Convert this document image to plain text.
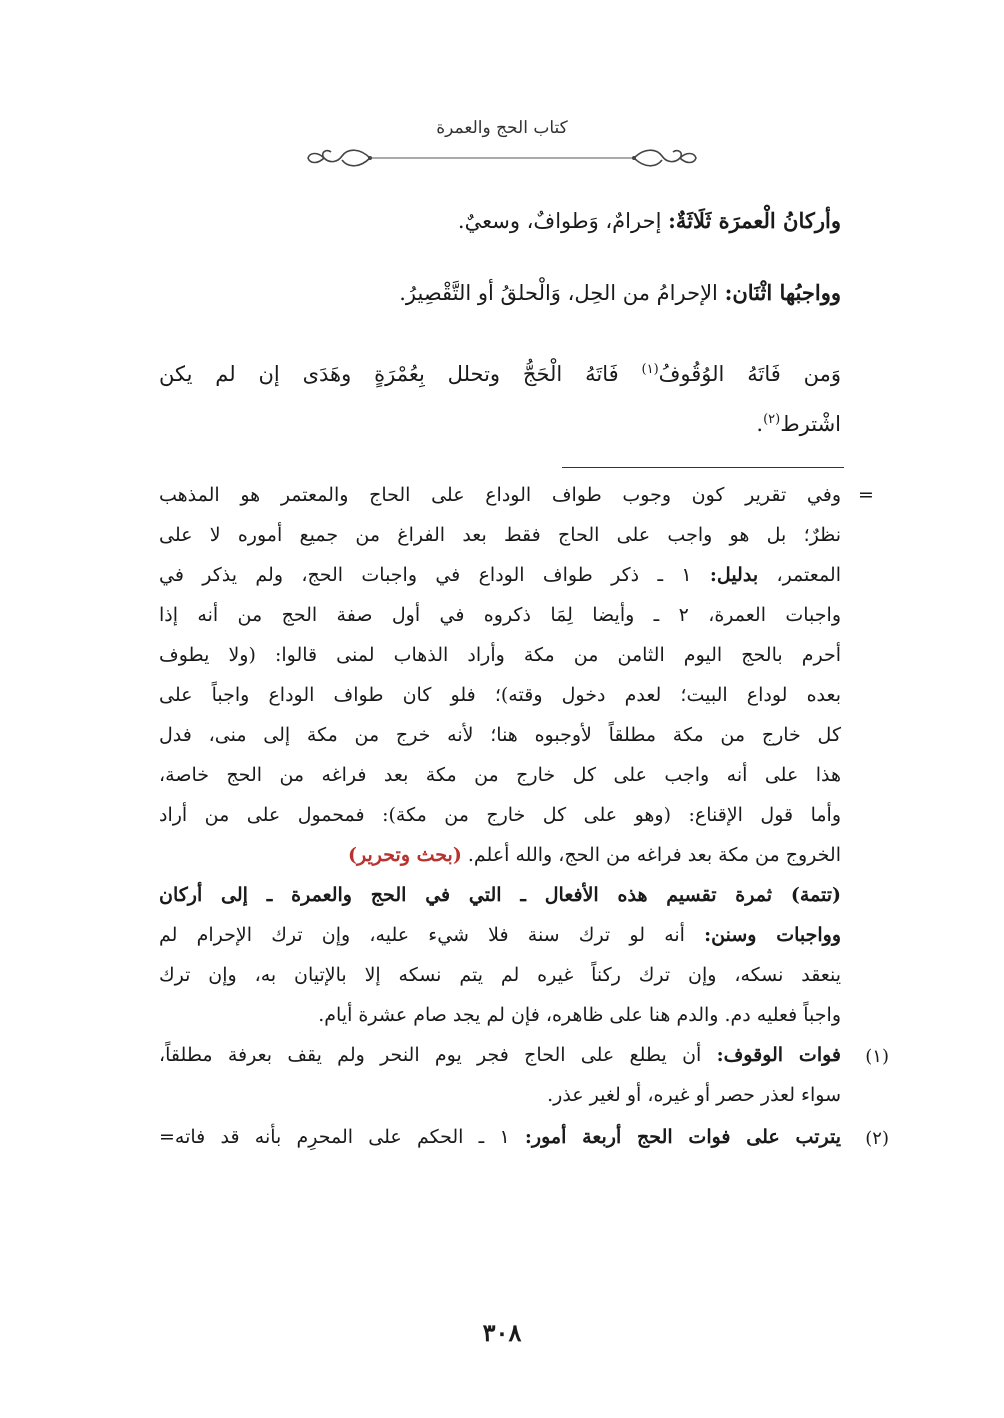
كتاب الحج والعمرة
وأركانُ الْعمرَة ثَلَاثَةٌ: إحرامٌ، وَطوافٌ، وسعيٌ.
وواجبُها اثْنَان: الإحرامُ من الحِل، وَالْحلقُ أو التَّقْصِيرُ.
وَمن فَاتَهُ الوُقُوفُ$^{(١)}$ فَاتَهُ الْحَجُّ وتحلل بِعُمْرَةٍ وهَدَى إن لم يكن
اشْترط$^{(٢)}$.
=
وفي تقرير كون وجوب طواف الوداع على الحاج والمعتمر هو المذهب
نظرٌ؛ بل هو واجب على الحاج فقط بعد الفراغ من جميع أموره لا على
المعتمر، بدليل: ١ ـ ذكر طواف الوداع في واجبات الحج، ولم يذكر في
واجبات العمرة، ٢ ـ وأيضا لِمَا ذكروه في أول صفة الحج من أنه إذا
أحرم بالحج اليوم الثامن من مكة وأراد الذهاب لمنى قالوا: (ولا يطوف
بعده لوداع البيت؛ لعدم دخول وقته)؛ فلو كان طواف الوداع واجباً على
كل خارج من مكة مطلقاً لأوجبوه هنا؛ لأنه خرج من مكة إلى منى، فدل
هذا على أنه واجب على كل خارج من مكة بعد فراغه من الحج خاصة،
وأما قول الإقناع: (وهو على كل خارج من مكة): فمحمول على من أراد
الخروج من مكة بعد فراغه من الحج، والله أعلم. (بحث وتحرير)
(تتمة) ثمرة تقسيم هذه الأفعال ـ التي في الحج والعمرة ـ إلى أركان
وواجبات وسنن: أنه لو ترك سنة فلا شيء عليه، وإن ترك الإحرام لم
ينعقد نسكه، وإن ترك ركناً غيره لم يتم نسكه إلا بالإتيان به، وإن ترك
واجباً فعليه دم. والدم هنا على ظاهره، فإن لم يجد صام عشرة أيام.
(١)
فوات الوقوف: أن يطلع على الحاج فجر يوم النحر ولم يقف بعرفة مطلقاً،
سواء لعذر حصر أو غيره، أو لغير عذر.
(٢)
يترتب على فوات الحج أربعة أمور: ١ ـ الحكم على المحرِم بأنه قد فاته=
٣٠٨
